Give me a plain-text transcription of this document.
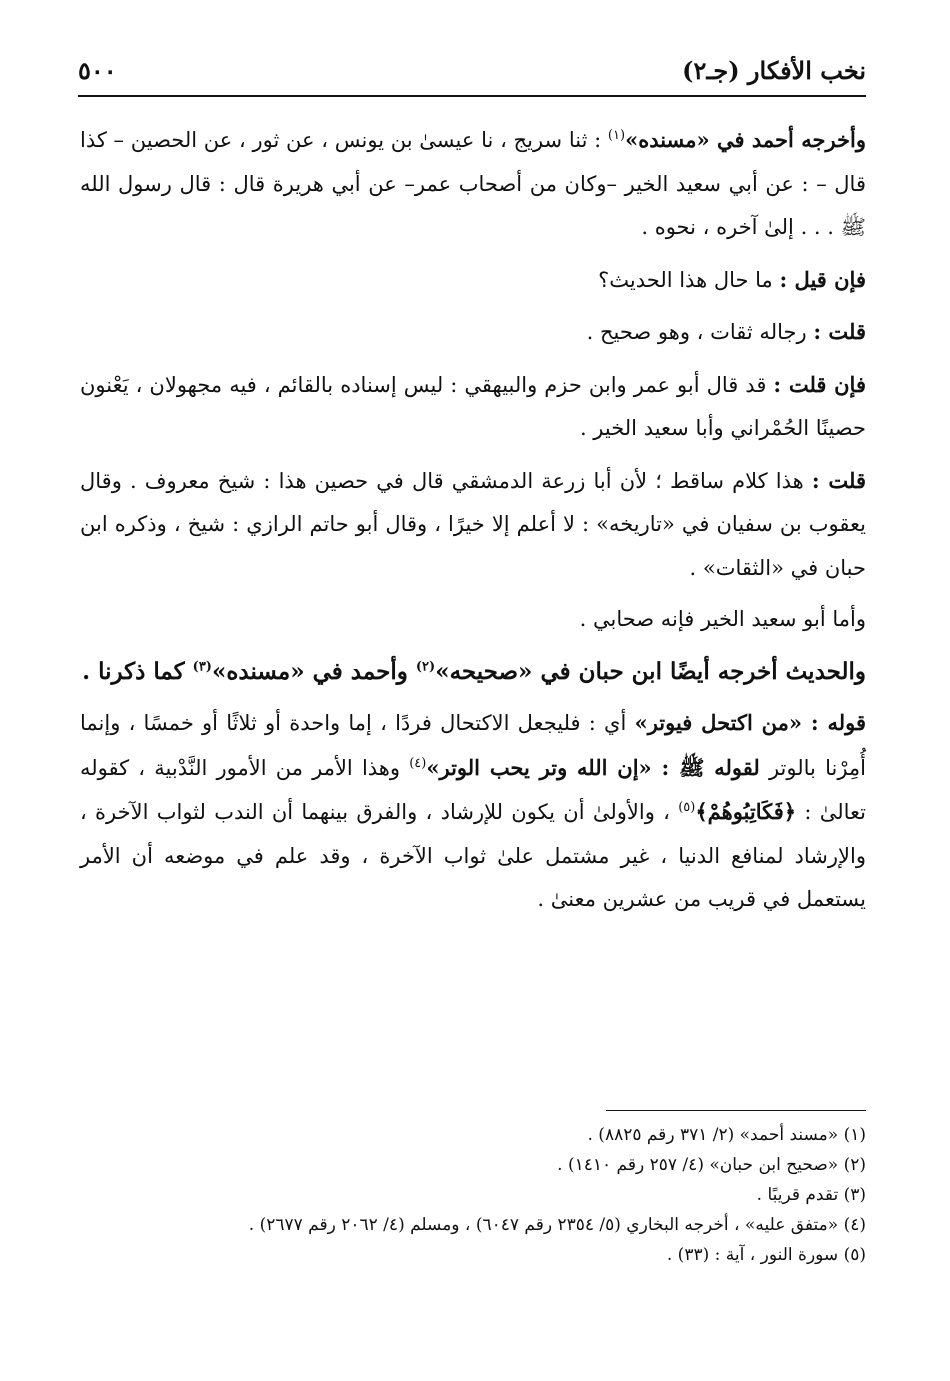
نخب الأفكار (جـ٢)
٥٠٠

وأخرجه أحمد في «مسنده»$^{(١)}$ : ثنا سريج ، نا عيسىٰ بن يونس ، عن ثور ، عن الحصين – كذا قال – : عن أبي سعيد الخير –وكان من أصحاب عمر– عن أبي هريرة قال : قال رسول الله ﷺ . . . إلىٰ آخره ، نحوه .

فإن قيل : ما حال هذا الحديث؟

قلت : رجاله ثقات ، وهو صحيح .

فإن قلت : قد قال أبو عمر وابن حزم والبيهقي : ليس إسناده بالقائم ، فيه مجهولان ، يَعْنون حصينًا الحُمْراني وأبا سعيد الخير .

قلت : هذا كلام ساقط ؛ لأن أبا زرعة الدمشقي قال في حصين هذا : شيخ معروف . وقال يعقوب بن سفيان في «تاريخه» : لا أعلم إلا خيرًا ، وقال أبو حاتم الرازي : شيخ ، وذكره ابن حبان في «الثقات» .

وأما أبو سعيد الخير فإنه صحابي .

والحديث أخرجه أيضًا ابن حبان في «صحيحه»$^{(٢)}$ وأحمد في «مسنده»$^{(٣)}$ كما ذكرنا .

قوله : «من اكتحل فيوتر» أي : فليجعل الاكتحال فردًا ، إما واحدة أو ثلاثًا أو خمسًا ، وإنما أُمِرْنا بالوتر لقوله ﷺ : «إن الله وتر يحب الوتر»$^{(٤)}$ وهذا الأمر من الأمور النَّدْبية ، كقوله تعالىٰ : ﴿فَكَاتِبُوهُمْ﴾$^{(٥)}$ ، والأولىٰ أن يكون للإرشاد ، والفرق بينهما أن الندب لثواب الآخرة ، والإرشاد لمنافع الدنيا ، غير مشتمل علىٰ ثواب الآخرة ، وقد علم في موضعه أن الأمر يستعمل في قريب من عشرين معنىٰ .

(١) «مسند أحمد» (٢/ ٣٧١ رقم ٨٨٢٥) .
(٢) «صحيح ابن حبان» (٤/ ٢٥٧ رقم ١٤١٠) .
(٣) تقدم قريبًا .
(٤) «متفق عليه» ، أخرجه البخاري (٥/ ٢٣٥٤ رقم ٦٠٤٧) ، ومسلم (٤/ ٢٠٦٢ رقم ٢٦٧٧) .
(٥) سورة النور ، آية : (٣٣) .
